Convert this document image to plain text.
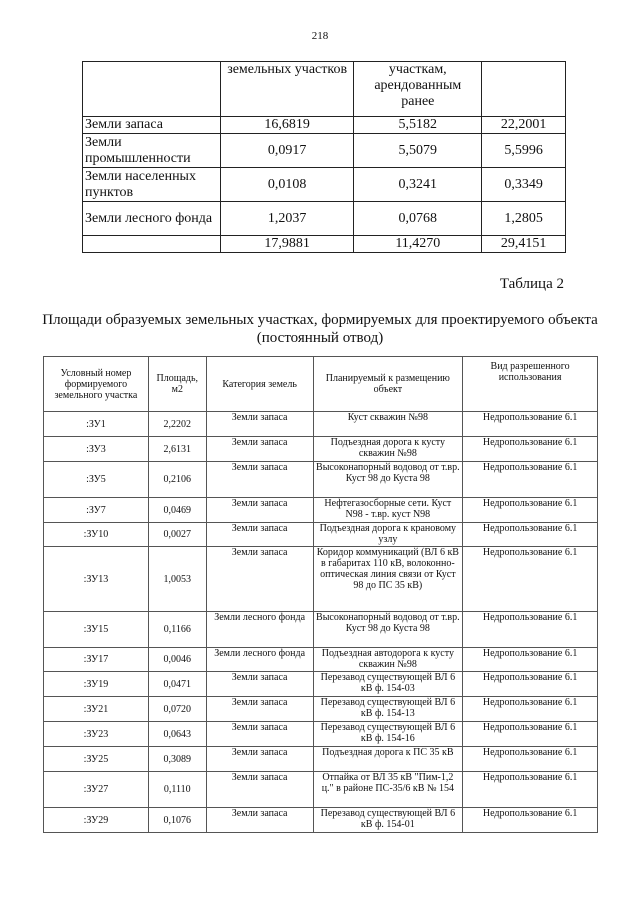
218
	земельных участков	участкам, арендованным ранее	
Земли запаса	16,6819	5,5182	22,2001
Земли промышленности	0,0917	5,5079	5,5996
Земли населенных пунктов	0,0108	0,3241	0,3349
Земли лесного фонда	1,2037	0,0768	1,2805
	17,9881	11,4270	29,4151
Таблица 2
Площади образуемых земельных участках, формируемых для проектируемого объекта (постоянный отвод)
Условный номер формируемого земельного участка	Площадь, м2	Категория земель	Планируемый к размещению объект	Вид разрешенного использования
:ЗУ1	2,2202	Земли запаса	Куст скважин №98	Недропользование 6.1
:ЗУ3	2,6131	Земли запаса	Подъездная дорога к кусту скважин №98	Недропользование 6.1
:ЗУ5	0,2106	Земли запаса	Высоконапорный водовод от т.вр. Куст 98 до Куста 98	Недропользование 6.1
:ЗУ7	0,0469	Земли запаса	Нефтегазосборные сети. Куст N98 - т.вр. куст N98	Недропользование 6.1
:ЗУ10	0,0027	Земли запаса	Подъездная дорога к крановому узлу	Недропользование 6.1
:ЗУ13	1,0053	Земли запаса	Коридор коммуникаций (ВЛ 6 кВ в габаритах 110 кВ, волоконно-оптическая линия связи от Куст 98 до ПС 35 кВ)	Недропользование 6.1
:ЗУ15	0,1166	Земли лесного фонда	Высоконапорный водовод от т.вр. Куст 98 до Куста 98	Недропользование 6.1
:ЗУ17	0,0046	Земли лесного фонда	Подъездная автодорога к кусту скважин №98	Недропользование 6.1
:ЗУ19	0,0471	Земли запаса	Перезавод существующей ВЛ 6 кВ ф. 154-03	Недропользование 6.1
:ЗУ21	0,0720	Земли запаса	Перезавод существующей ВЛ 6 кВ ф. 154-13	Недропользование 6.1
:ЗУ23	0,0643	Земли запаса	Перезавод существующей ВЛ 6 кВ ф. 154-16	Недропользование 6.1
:ЗУ25	0,3089	Земли запаса	Подъездная дорога к ПС 35 кВ	Недропользование 6.1
:ЗУ27	0,1110	Земли запаса	Отпайка от ВЛ 35 кВ "Пим-1,2 ц." в районе ПС-35/6 кВ № 154	Недропользование 6.1
:ЗУ29	0,1076	Земли запаса	Перезавод существующей ВЛ 6 кВ ф. 154-01	Недропользование 6.1
